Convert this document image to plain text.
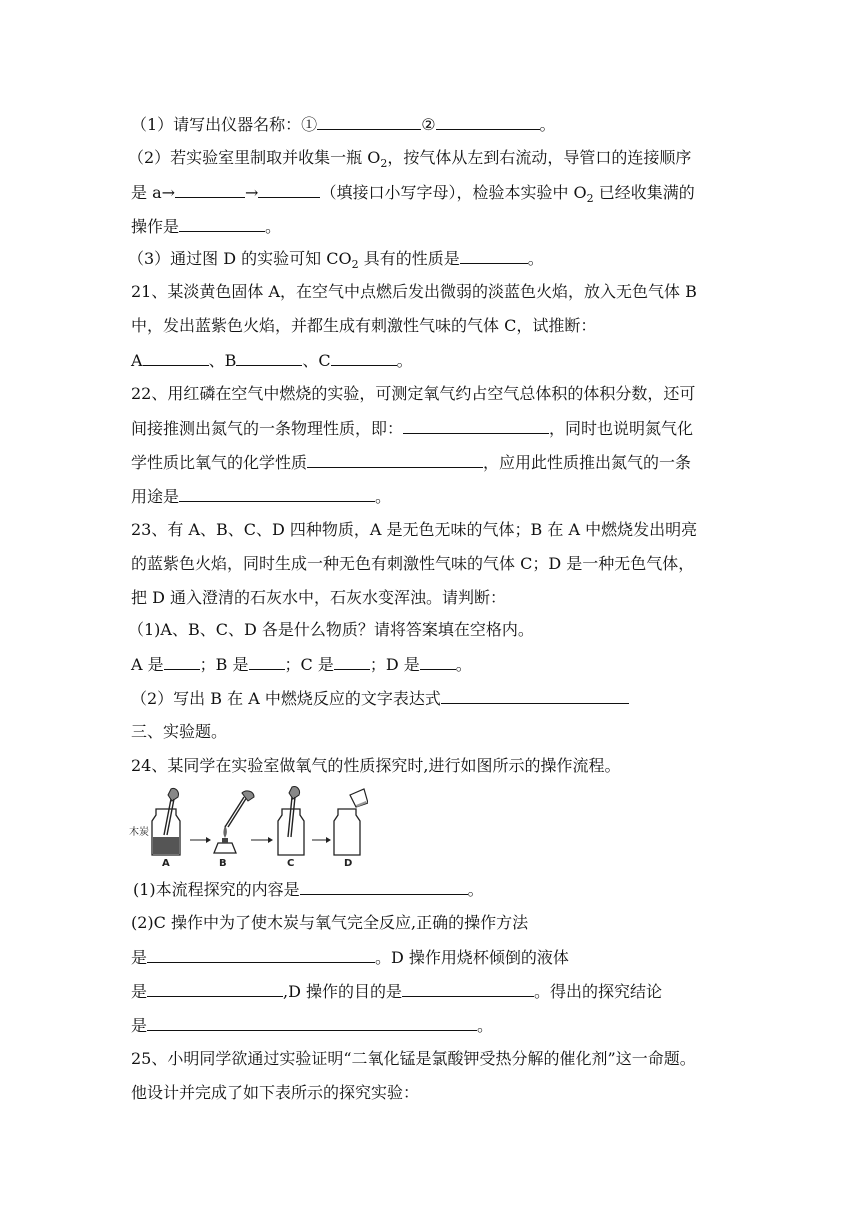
（1）请写出仪器名称：①	②	。
（2）若实验室里制取并收集一瓶 $O_2$，按气体从左到右流动，导管口的连接顺序
是 a→	→	（填接口小写字母），检验本实验中 $O_2$ 已经收集满的
操作是	。
（3）通过图 D 的实验可知 $CO_2$ 具有的性质是	。
21、某淡黄色固体 A，在空气中点燃后发出微弱的淡蓝色火焰，放入无色气体 B
中，发出蓝紫色火焰，并都生成有刺激性气味的气体 C，试推断：
A	、B	、C	。
22、用红磷在空气中燃烧的实验，可测定氧气约占空气总体积的体积分数，还可
间接推测出氮气的一条物理性质，即：	，同时也说明氮气化
学性质比氧气的化学性质	，应用此性质推出氮气的一条
用途是	。
23、有 A、B、C、D 四种物质，A 是无色无味的气体；B 在 A 中燃烧发出明亮
的蓝紫色火焰，同时生成一种无色有刺激性气味的气体 C；D 是一种无色气体，
把 D 通入澄清的石灰水中，石灰水变浑浊。请判断：
（1)A、B、C、D 各是什么物质？请将答案填在空格内。
A 是 ；B 是 ；C 是 ；D 是 。
（2）写出 B 在 A 中燃烧反应的文字表达式
三、实验题。
24、某同学在实验室做氧气的性质探究时,进行如图所示的操作流程。
木炭
A	B	C	D
(1)本流程探究的内容是	。
(2)C 操作中为了使木炭与氧气完全反应,正确的操作方法
是	。D 操作用烧杯倾倒的液体
是	,D 操作的目的是	。得出的探究结论
是	。
25、小明同学欲通过实验证明“二氧化锰是氯酸钾受热分解的催化剂”这一命题。
他设计并完成了如下表所示的探究实验：
